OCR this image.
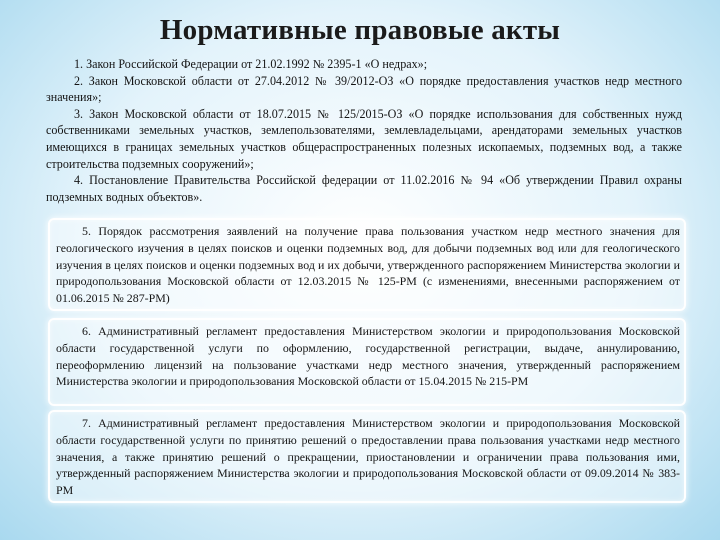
Нормативные правовые акты

1. Закон Российской Федерации от 21.02.1992 № 2395-1 «О недрах»;

2. Закон Московской области от 27.04.2012 № 39/2012-ОЗ «О порядке предоставления участков недр местного значения»;

3. Закон Московской области от 18.07.2015 № 125/2015-ОЗ «О порядке использования для собственных нужд собственниками земельных участков, землепользователями, землевладельцами, арендаторами земельных участков имеющихся в границах земельных участков общераспространенных полезных ископаемых, подземных вод, а также строительства подземных сооружений»;

4. Постановление Правительства Российской федерации от 11.02.2016 № 94 «Об утверждении Правил охраны подземных водных объектов».

5. Порядок рассмотрения заявлений на получение права пользования участком недр местного значения для геологического изучения в целях поисков и оценки подземных вод, для добычи подземных вод или для геологического изучения в целях поисков и оценки подземных вод и их добычи, утвержденного распоряжением Министерства экологии и природопользования Московской области от 12.03.2015 № 125-РМ (с изменениями, внесенными распоряжением от 01.06.2015 № 287-РМ)

6. Административный регламент предоставления Министерством экологии и природопользования Московской области государственной услуги по оформлению, государственной регистрации, выдаче, аннулированию, переоформлению лицензий на пользование участками недр местного значения, утвержденный распоряжением Министерства экологии и природопользования Московской области от 15.04.2015 № 215-РМ

7. Административный регламент предоставления Министерством экологии и природопользования Московской области государственной услуги по принятию решений о предоставлении права пользования участками недр местного значения, а также принятию решений о прекращении, приостановлении и ограничении права пользования ими, утвержденный распоряжением Министерства экологии и природопользования Московской области от 09.09.2014 № 383-РМ
